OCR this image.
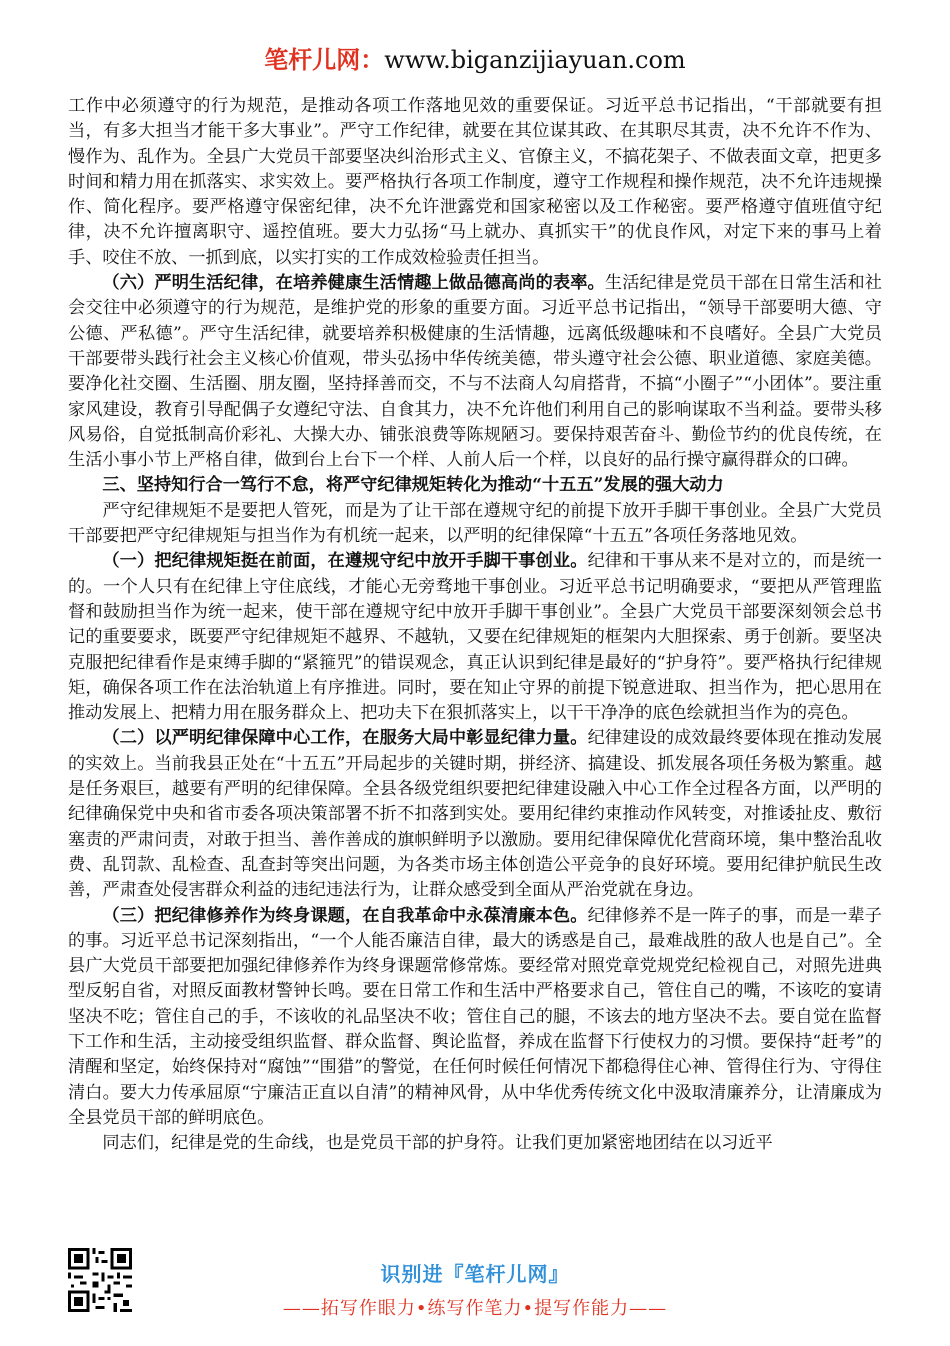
笔杆儿网：www.biganzijiayuan.com

工作中必须遵守的行为规范，是推动各项工作落地见效的重要保证。习近平总书记指出，“干部就要有担当，有多大担当才能干多大事业”。严守工作纪律，就要在其位谋其政、在其职尽其责，决不允许不作为、慢作为、乱作为。全县广大党员干部要坚决纠治形式主义、官僚主义，不搞花架子、不做表面文章，把更多时间和精力用在抓落实、求实效上。要严格执行各项工作制度，遵守工作规程和操作规范，决不允许违规操作、简化程序。要严格遵守保密纪律，决不允许泄露党和国家秘密以及工作秘密。要严格遵守值班值守纪律，决不允许擅离职守、遥控值班。要大力弘扬“马上就办、真抓实干”的优良作风，对定下来的事马上着手、咬住不放、一抓到底，以实打实的工作成效检验责任担当。

（六）严明生活纪律，在培养健康生活情趣上做品德高尚的表率。生活纪律是党员干部在日常生活和社会交往中必须遵守的行为规范，是维护党的形象的重要方面。习近平总书记指出，“领导干部要明大德、守公德、严私德”。严守生活纪律，就要培养积极健康的生活情趣，远离低级趣味和不良嗜好。全县广大党员干部要带头践行社会主义核心价值观，带头弘扬中华传统美德，带头遵守社会公德、职业道德、家庭美德。要净化社交圈、生活圈、朋友圈，坚持择善而交，不与不法商人勾肩搭背，不搞“小圈子”“小团体”。要注重家风建设，教育引导配偶子女遵纪守法、自食其力，决不允许他们利用自己的影响谋取不当利益。要带头移风易俗，自觉抵制高价彩礼、大操大办、铺张浪费等陈规陋习。要保持艰苦奋斗、勤俭节约的优良传统，在生活小事小节上严格自律，做到台上台下一个样、人前人后一个样，以良好的品行操守赢得群众的口碑。

三、坚持知行合一笃行不怠，将严守纪律规矩转化为推动“十五五”发展的强大动力

严守纪律规矩不是要把人管死，而是为了让干部在遵规守纪的前提下放开手脚干事创业。全县广大党员干部要把严守纪律规矩与担当作为有机统一起来，以严明的纪律保障“十五五”各项任务落地见效。

（一）把纪律规矩挺在前面，在遵规守纪中放开手脚干事创业。纪律和干事从来不是对立的，而是统一的。一个人只有在纪律上守住底线，才能心无旁骛地干事创业。习近平总书记明确要求，“要把从严管理监督和鼓励担当作为统一起来，使干部在遵规守纪中放开手脚干事创业”。全县广大党员干部要深刻领会总书记的重要要求，既要严守纪律规矩不越界、不越轨，又要在纪律规矩的框架内大胆探索、勇于创新。要坚决克服把纪律看作是束缚手脚的“紧箍咒”的错误观念，真正认识到纪律是最好的“护身符”。要严格执行纪律规矩，确保各项工作在法治轨道上有序推进。同时，要在知止守界的前提下锐意进取、担当作为，把心思用在推动发展上、把精力用在服务群众上、把功夫下在狠抓落实上，以干干净净的底色绘就担当作为的亮色。

（二）以严明纪律保障中心工作，在服务大局中彰显纪律力量。纪律建设的成效最终要体现在推动发展的实效上。当前我县正处在“十五五”开局起步的关键时期，拼经济、搞建设、抓发展各项任务极为繁重。越是任务艰巨，越要有严明的纪律保障。全县各级党组织要把纪律建设融入中心工作全过程各方面，以严明的纪律确保党中央和省市委各项决策部署不折不扣落到实处。要用纪律约束推动作风转变，对推诿扯皮、敷衍塞责的严肃问责，对敢于担当、善作善成的旗帜鲜明予以激励。要用纪律保障优化营商环境，集中整治乱收费、乱罚款、乱检查、乱查封等突出问题，为各类市场主体创造公平竞争的良好环境。要用纪律护航民生改善，严肃查处侵害群众利益的违纪违法行为，让群众感受到全面从严治党就在身边。

（三）把纪律修养作为终身课题，在自我革命中永葆清廉本色。纪律修养不是一阵子的事，而是一辈子的事。习近平总书记深刻指出，“一个人能否廉洁自律，最大的诱惑是自己，最难战胜的敌人也是自己”。全县广大党员干部要把加强纪律修养作为终身课题常修常炼。要经常对照党章党规党纪检视自己，对照先进典型反躬自省，对照反面教材警钟长鸣。要在日常工作和生活中严格要求自己，管住自己的嘴，不该吃的宴请坚决不吃；管住自己的手，不该收的礼品坚决不收；管住自己的腿，不该去的地方坚决不去。要自觉在监督下工作和生活，主动接受组织监督、群众监督、舆论监督，养成在监督下行使权力的习惯。要保持“赶考”的清醒和坚定，始终保持对“腐蚀”“围猎”的警觉，在任何时候任何情况下都稳得住心神、管得住行为、守得住清白。要大力传承屈原“宁廉洁正直以自清”的精神风骨，从中华优秀传统文化中汲取清廉养分，让清廉成为全县党员干部的鲜明底色。

同志们，纪律是党的生命线，也是党员干部的护身符。让我们更加紧密地团结在以习近平

识别进『笔杆儿网』
——拓写作眼力•练写作笔力•提写作能力——
